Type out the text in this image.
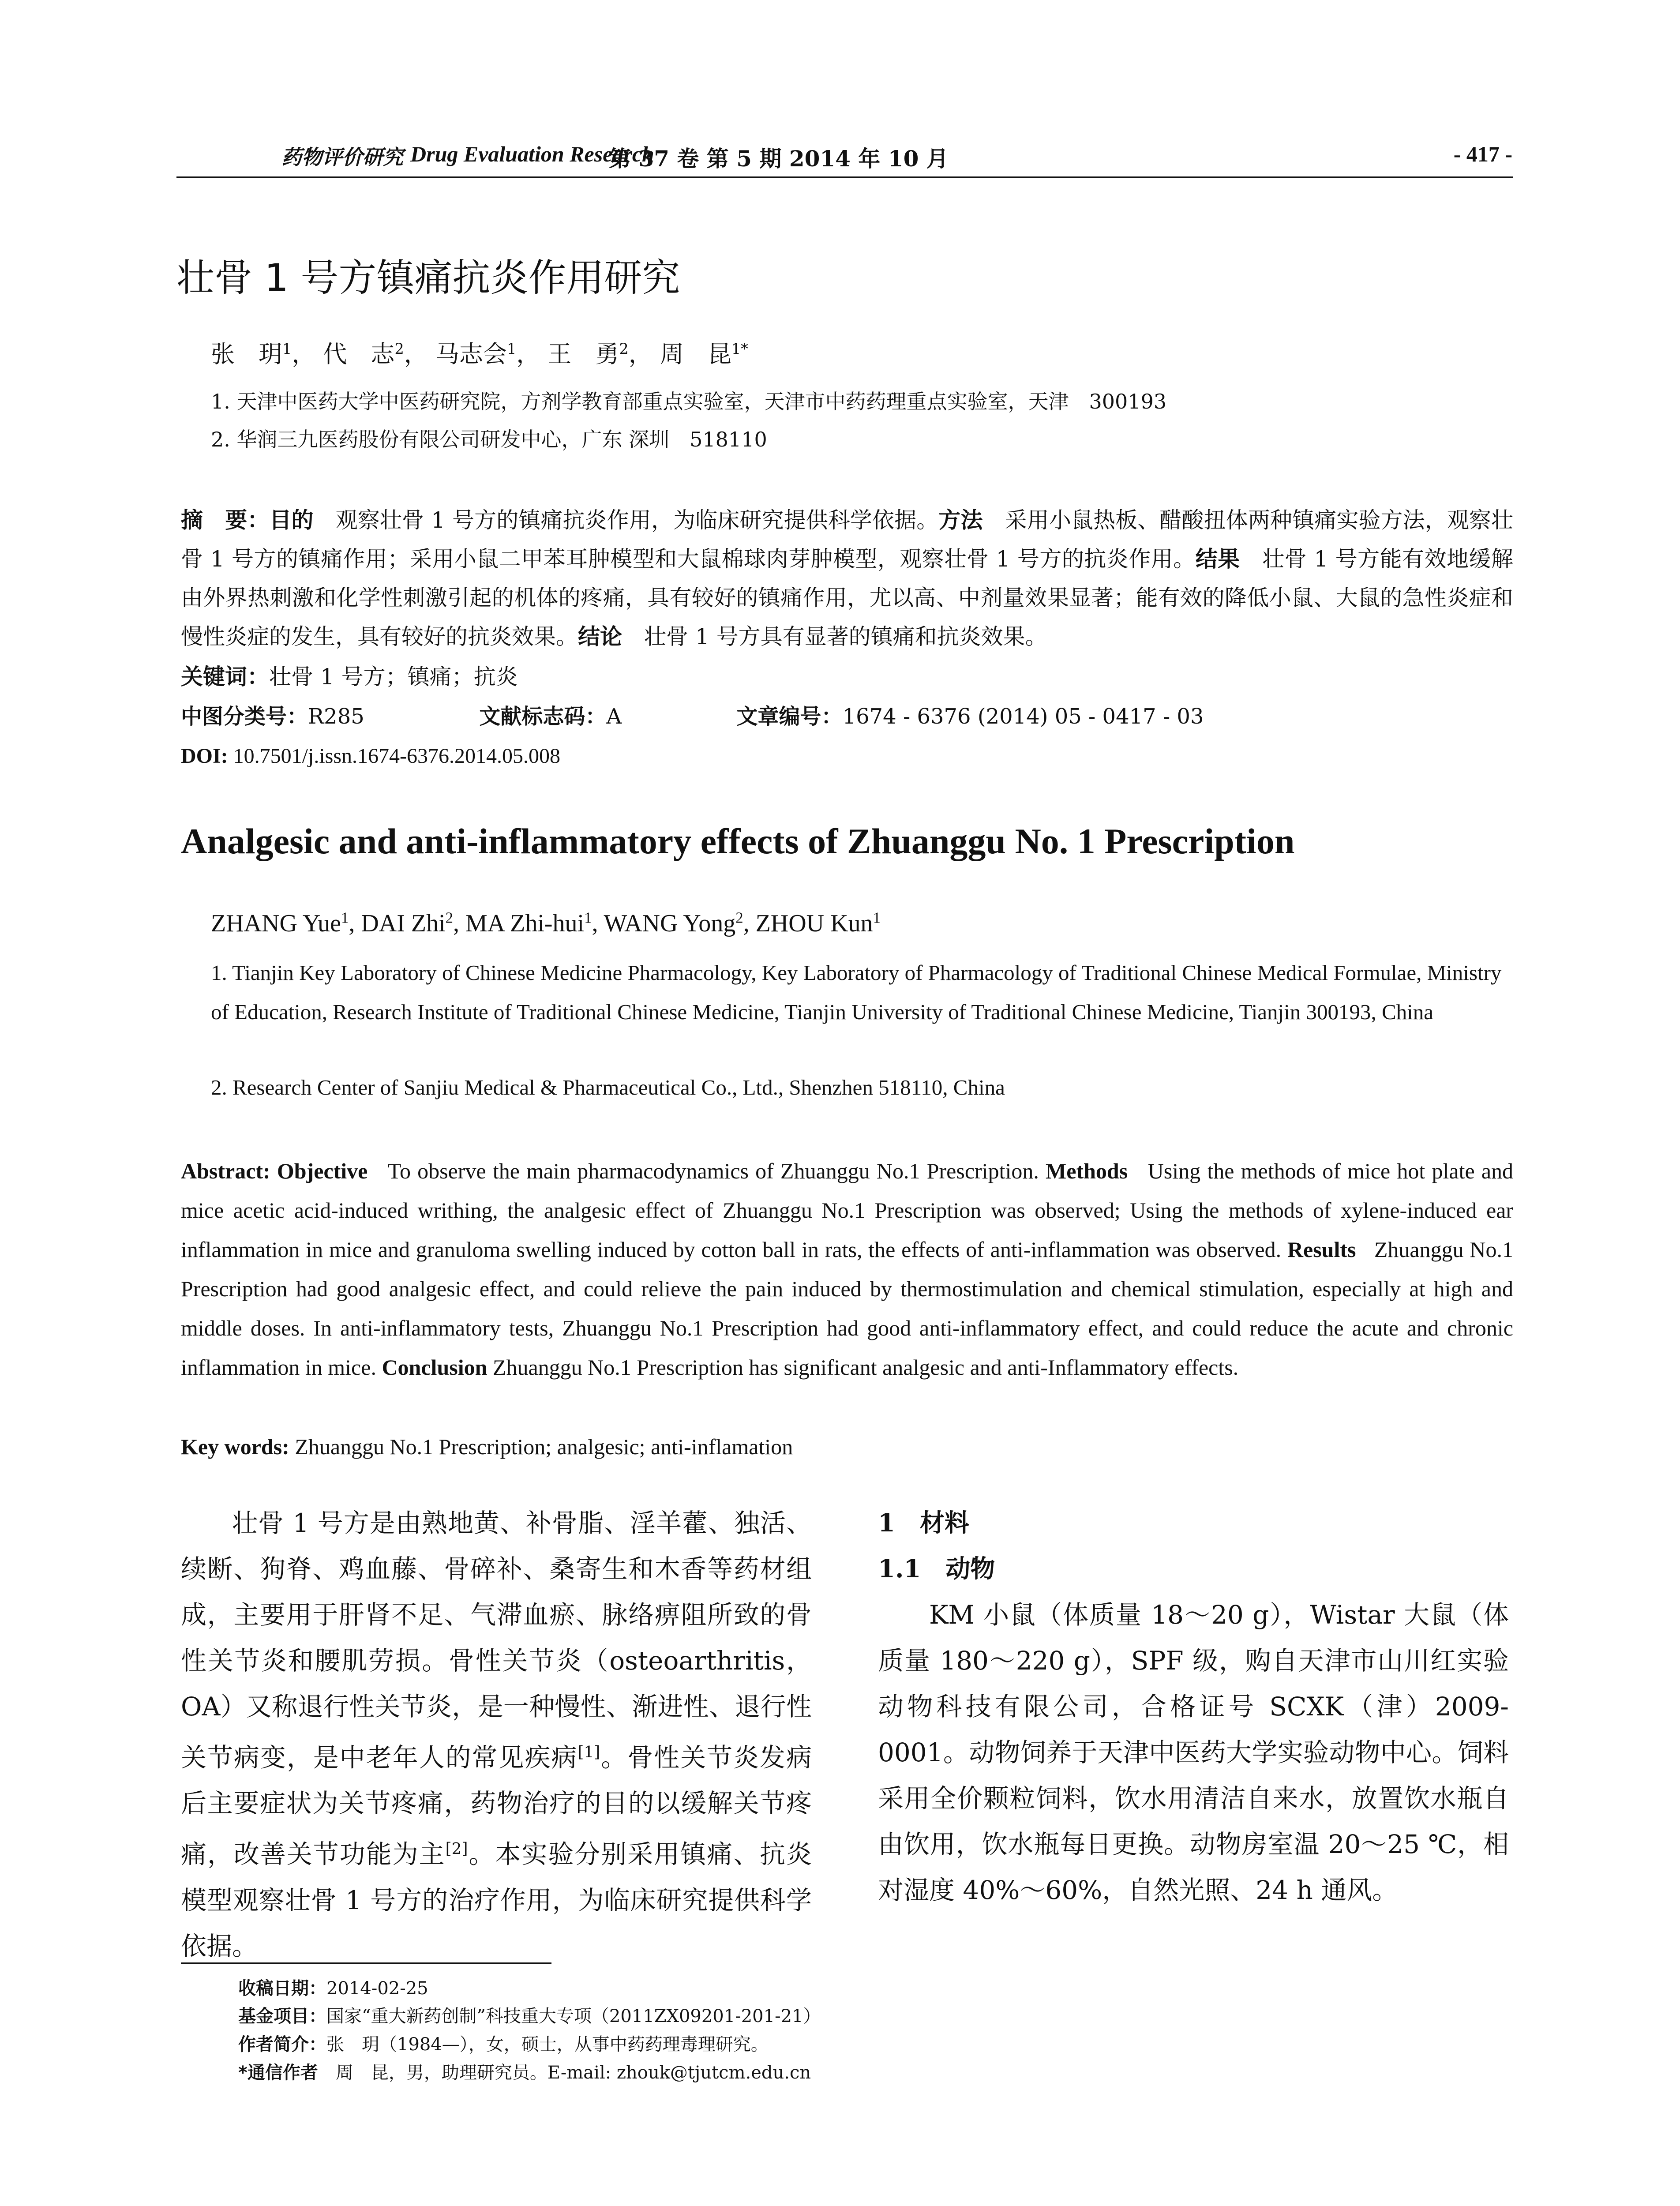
药物评价研究 Drug Evaluation Research
第 37 卷 第 5 期 2014 年 10 月	- 417 -
壮骨 1 号方镇痛抗炎作用研究
张　玥$^1$， 代　志$^2$， 马志会$^1$， 王　勇$^2$， 周　昆$^{1*}$
1. 天津中医药大学中医药研究院，方剂学教育部重点实验室，天津市中药药理重点实验室，天津　300193
2. 华润三九医药股份有限公司研发中心，广东 深圳　518110
摘　要：目的　 观察壮骨 1 号方的镇痛抗炎作用，为临床研究提供科学依据。方法　 采用小鼠热板、醋酸扭体两种镇痛实验方法，观察壮骨 1 号方的镇痛作用；采用小鼠二甲苯耳肿模型和大鼠棉球肉芽肿模型，观察壮骨 1 号方的抗炎作用。结果　 壮骨 1 号方能有效地缓解由外界热刺激和化学性刺激引起的机体的疼痛，具有较好的镇痛作用，尤以高、中剂量效果显著；能有效的降低小鼠、大鼠的急性炎症和慢性炎症的发生，具有较好的抗炎效果。结论　 壮骨 1 号方具有显著的镇痛和抗炎效果。
关键词：壮骨 1 号方；镇痛；抗炎
中图分类号：R285	文献标志码：A	文章编号：1674 - 6376 (2014) 05 - 0417 - 03
DOI: 10.7501/j.issn.1674-6376.2014.05.008
Analgesic and anti-inflammatory effects of Zhuanggu No. 1 Prescription
ZHANG Yue$^1$, DAI Zhi$^2$, MA Zhi-hui$^1$, WANG Yong$^2$, ZHOU Kun$^1$
1. Tianjin Key Laboratory of Chinese Medicine Pharmacology, Key Laboratory of Pharmacology of Traditional Chinese Medical Formulae, Ministry of Education, Research Institute of Traditional Chinese Medicine, Tianjin University of Traditional Chinese Medicine, Tianjin 300193, China
2. Research Center of Sanjiu Medical & Pharmaceutical Co., Ltd., Shenzhen 518110, China
Abstract: Objective To observe the main pharmacodynamics of Zhuanggu No.1 Prescription. Methods Using the methods of mice hot plate and mice acetic acid-induced writhing, the analgesic effect of Zhuanggu No.1 Prescription was observed; Using the methods of xylene-induced ear inflammation in mice and granuloma swelling induced by cotton ball in rats, the effects of anti-inflammation was observed. Results Zhuanggu No.1 Prescription had good analgesic effect, and could relieve the pain induced by thermostimulation and chemical stimulation, especially at high and middle doses. In anti-inflammatory tests, Zhuanggu No.1 Prescription had good anti-inflammatory effect, and could reduce the acute and chronic inflammation in mice. Conclusion Zhuanggu No.1 Prescription has significant analgesic and anti-Inflammatory effects.
Key words: Zhuanggu No.1 Prescription; analgesic; anti-inflamation
壮骨 1 号方是由熟地黄、补骨脂、淫羊藿、独活、续断、狗脊、鸡血藤、骨碎补、桑寄生和木香等药材组成，主要用于肝肾不足、气滞血瘀、脉络痹阻所致的骨性关节炎和腰肌劳损。骨性关节炎（osteoarthritis，OA）又称退行性关节炎，是一种慢性、渐进性、退行性关节病变，是中老年人的常见疾病[1]。骨性关节炎发病后主要症状为关节疼痛，药物治疗的目的以缓解关节疼痛，改善关节功能为主[2]。本实验分别采用镇痛、抗炎模型观察壮骨 1 号方的治疗作用，为临床研究提供科学依据。
1　材料
1.1　动物
KM 小鼠（体质量 18～20 g），Wistar 大鼠（体质量 180～220 g），SPF 级，购自天津市山川红实验动物科技有限公司，合格证号 SCXK（津）2009-0001。动物饲养于天津中医药大学实验动物中心。饲料采用全价颗粒饲料，饮水用清洁自来水，放置饮水瓶自由饮用，饮水瓶每日更换。动物房室温 20～25 ℃，相对湿度 40%～60%，自然光照、24 h 通风。
收稿日期：2014-02-25
基金项目：国家“重大新药创制”科技重大专项（2011ZX09201-201-21）
作者简介：张　玥（1984—），女，硕士，从事中药药理毒理研究。
*通信作者　 周　昆，男，助理研究员。E-mail: zhouk@tjutcm.edu.cn
